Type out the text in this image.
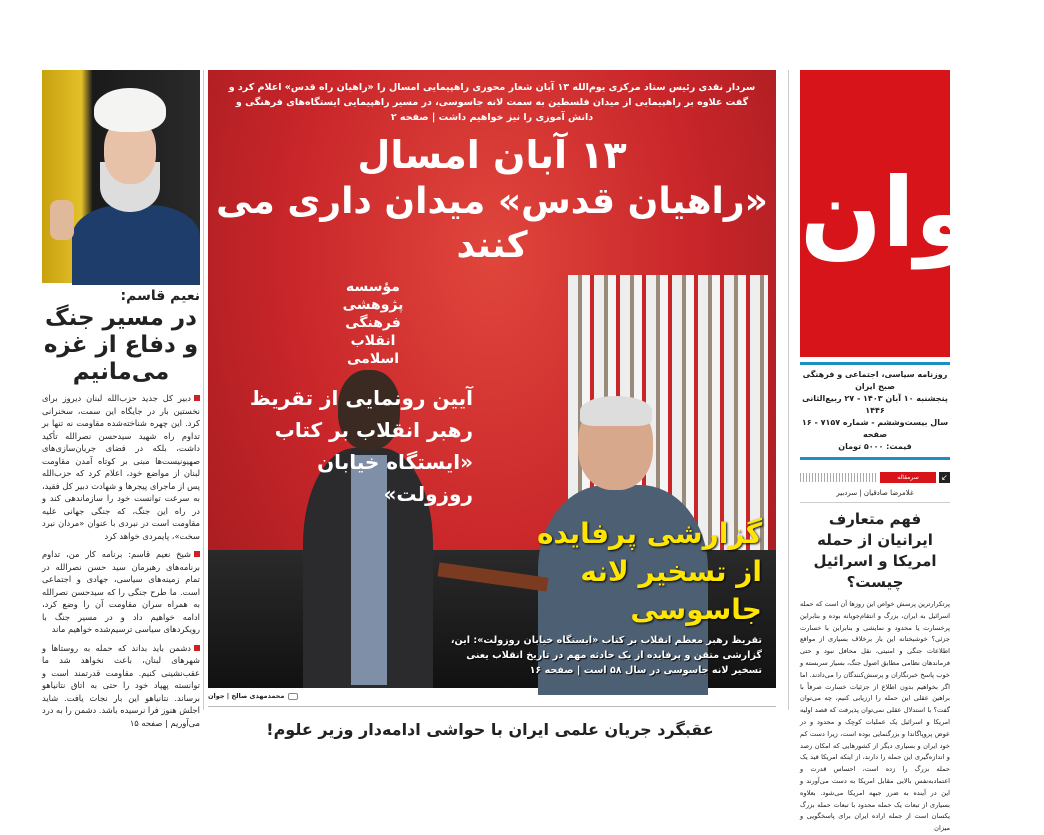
نعیم قاسم:
در مسیر جنگ و دفاع از غزه می‌مانیم

دبیر کل جدید حزب‌الله لبنان دیروز برای نخستین بار در جایگاه این سمت، سخنرانی کرد. این چهره شناخته‌شده مقاومت نه تنها بر تداوم راه شهید سیدحسن نصرالله تأکید داشت، بلکه در فضای جریان‌سازی‌های صهیونیست‌ها مبنی بر کوتاه آمدن مقاومت لبنان از مواضع خود، اعلام کرد که حزب‌الله پس از ماجرای پیجرها و شهادت دبیر کل فقید، به سرعت توانست خود را سازماندهی کند و در راه این جنگ، که جنگی جهانی علیه مقاومت است در نبردی با عنوان «مردان نبرد سخت»، پایمردی خواهد کرد

شیخ نعیم قاسم: برنامه کار من، تداوم برنامه‌های رهبرمان سید حسن نصرالله در تمام زمینه‌های سیاسی، جهادی و اجتماعی است. ما طرح جنگی را که سیدحسن نصرالله به همراه سران مقاومت آن را وضع کرد، ادامه خواهیم داد و در مسیر جنگ با رویکردهای سیاسی ترسیم‌شده خواهیم ماند

دشمن باید بداند که حمله به روستاها و شهرهای لبنان، باعث نخواهد شد ما عقب‌نشینی کنیم. مقاومت قدرتمند است و توانسته پهپاد خود را حتی به اتاق نتانیاهو برساند. نتانیاهو این بار نجات یافت. شاید اجلش هنوز فرا نرسیده باشد. دشمن را به درد می‌آوریم | صفحه ۱۵

سردار نقدی رئیس ستاد مرکزی یوم‌الله ۱۳ آبان شعار محوری راهپیمایی امسال را «راهیان راه قدس» اعلام کرد و گفت علاوه بر راهپیمایی از میدان فلسطین به سمت لانه جاسوسی، در مسیر راهپیمایی ایستگاه‌های فرهنگی و دانش آموزی را نیز خواهیم داشت | صفحه ۲
۱۳ آبان امسال
«راهیان قدس» میدان داری می کنند
مؤسسه پژوهشی فرهنگی انقلاب اسلامی
آیین رونمایی از تقریظ رهبر انقلاب بر کتاب «ایستگاه خیابان روزولت»
گزارشی پرفایده
از تسخیر لانه جاسوسی
تقریظ رهبر معظم انقلاب بر کتاب «ایستگاه خیابان روزولت»: این، گزارشی متقن و پرفایده از یک حادثه مهم در تاریخ انقلاب یعنی تسخیر لانه جاسوسی در سال ۵۸ است | صفحه ۱۶
محمدمهدی صالح | جوان
عقبگرد جریان علمی ایران با حواشی ادامه‌دار وزیر علوم!
جوان
روزنامه سیاسی، اجتماعی و فرهنگی صبح ایران
پنجشنبه ۱۰ آبان ۱۴۰۳ - ۲۷ ربیع‌الثانی ۱۴۴۶
سال بیست‌وششم - شماره ۷۱۵۷ - ۱۶ صفحه
قیمت: ۵۰۰۰ تومان
سرمقاله	↙
غلامرضا صادقیان | سردبیر
فهم متعارف ایرانیان از حمله امریکا و اسرائیل چیست؟
پرتکرارترین پرسش خواص این روزها آن است که حمله اسرائیل به ایران، بزرگ و انتقام‌جویانه بوده و بنابراین پرخسارت یا محدود و نمایشی و بنابراین با خسارت جزئی؟ خوشبختانه این بار برخلاف بسیاری از مواقع اطلاعات جنگی و امنیتی، نقل محافل نبود و حتی فرماندهان نظامی مطابق اصول جنگ، بسیار سربسته و خوب پاسخ خبرنگاران و پرسش‌کنندگان را می‌دادند. اما اگر بخواهیم بدون اطلاع از جزئیات خسارت صرفاً با براهین عقلی این حمله را ارزیابی کنیم، چه می‌توان گفت؟ با استدلال عقلی نمی‌توان پذیرفت که قصد اولیه امریکا و اسرائیل یک عملیات کوچک و محدود و در عوض پروپاگاندا و بزرگنمایی بوده است، زیرا دست کم خود ایران و بسیاری دیگر از کشورهایی که امکان رصد و اندازه‌گیری این حمله را دارند، از اینکه امریکا قید یک حمله بزرگ را زده است، احساس قدرت و اعتمادبه‌نفس بالایی مقابل امریکا به دست می‌آورند و این در آینده به ضرر جبهه امریکا می‌شود. بعلاوه بسیاری از تبعات یک حمله محدود با تبعات حمله بزرگ یکسان است از جمله اراده ایران برای پاسخگویی و میزان
